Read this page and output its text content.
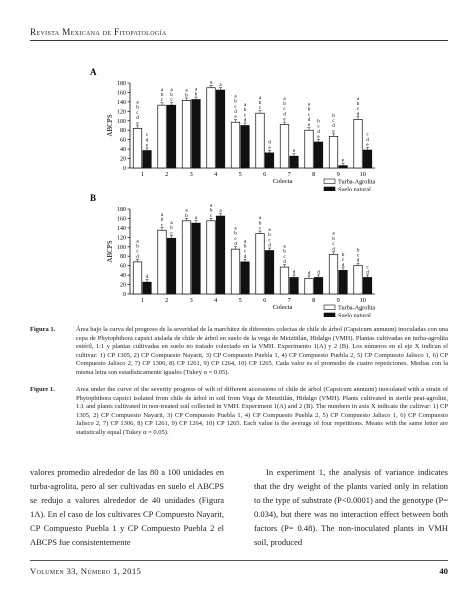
Revista Mexicana de Fitopatología
A
0
20
40
60
80
100
120
140
160
180
ABCPS
a
b
c
d
e
c
d
e
1
a
b
c
a
b
c
2
a
b
a
b
3
a a
4
a
b
c
d
e
a
b
c
d
5
a
b
c
d
e
6
a
b
c
d
e
e
7
a
b
c
d
e
b
c
d
e
8
b
c
d
e
e
9
a
b
c
d
c
d
e
10
Colecta	Turba-Agrolita
Suelo natural
B
0
20
40
60
80
100
120
140
160
180
ABCPS	a
b
c
d
d
1
a
b
c a
b
c
2
a
b a
3
a
b
c
a
4
a
b
c
d a
b
c
d
5
a
b
c a
b
c
d
6
a
b
c
d
d
7
d d
8
a
b
c
d
b
c
d
9
b
c
d
c
d
10
Colecta	Turba-Agrolita
Suelo natural
Figura 1.	Área bajo la curva del progreso de la severidad de la marchitez de diferentes colectas de chile de árbol (Capsicum annuum) inoculadas con una cepa de Phytophthora capsici aislada de chile de árbol en suelo de la vega de Metztitlán, Hidalgo (VMH). Plantas cultivadas en turba-agrolita estéril, 1:1 y plantas cultivadas en suelo no tratado colectado en la VMH. Experimento 1(A) y 2 (B). Los números en el eje X indican el cultivar: 1) CP 1305, 2) CP Compuesto Nayarit, 3) CP Compuesto Puebla 1, 4) CP Compuesto Puebla 2, 5) CP Compuesto Jalisco 1, 6) CP Compuesto Jalisco 2, 7) CP 1306, 8) CP 1261, 9) CP 1264, 10) CP 1265. Cada valor es el promedio de cuatro repeticiones. Medias con la misma letra son estadísticamente iguales (Tukey α = 0.05).
Figure 1.	Area under the curve of the severity progress of wilt of different accessions of chile de árbol (Capsicum annuum) inoculated with a strain of Phytophthora capsici isolated from chile de árbol in soil from Vega de Metztitlán, Hidalgo (VMH). Plants cultivated in sterile peat-agrolite, 1:1 and plants cultivated in non-treated soil collected in VMH. Experiment 1(A) and 2 (B). The numbers in axis X indicate the cultivar: 1) CP 1305, 2) CP Compuesto Nayarit, 3) CP Compuesto Puebla 1, 4) CP Compuesto Puebla 2, 5) CP Compuesto Jalisco 1, 6) CP Compuesto Jalisco 2, 7) CP 1306, 8) CP 1261, 9) CP 1264, 10) CP 1265. Each value is the average of four repetitions. Means with the same letter are statistically equal (Tukey α = 0.05).

valores promedio alrededor de las 80 a 100 unidades en turba-agrolita, pero al ser cultivadas en suelo el ABCPS se redujo a valores alrededor de 40 unidades (Figura 1A). En el caso de los cultivares CP Compuesto Nayarit, CP Compuesto Puebla 1 y CP Compuesto Puebla 2 el ABCPS fue consistentemente

In experiment 1, the analysis of variance indicates that the dry weight of the plants varied only in relation to the type of substrate (P<0.0001) and the genotype (P= 0.034), but there was no interaction effect between both factors (P= 0.48). The non-inoculated plants in VMH soil, produced

Volumen 33, Número 1, 2015	40
